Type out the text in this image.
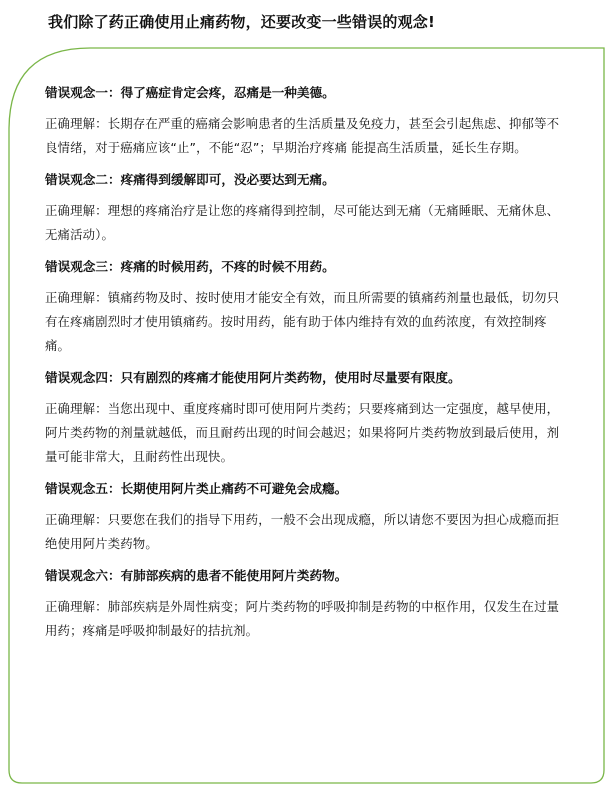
我们除了药正确使用止痛药物，还要改变一些错误的观念!
错误观念一：得了癌症肯定会疼，忍痛是一种美德。
正确理解：长期存在严重的癌痛会影响患者的生活质量及免疫力，甚至会引起焦虑、抑郁等不良情绪，对于癌痛应该“止”，不能“忍”；早期治疗疼痛 能提高生活质量，延长生存期。
错误观念二：疼痛得到缓解即可，没必要达到无痛。
正确理解：理想的疼痛治疗是让您的疼痛得到控制，尽可能达到无痛（无痛睡眠、无痛休息、无痛活动）。
错误观念三：疼痛的时候用药，不疼的时候不用药。
正确理解：镇痛药物及时、按时使用才能安全有效，而且所需要的镇痛药剂量也最低，切勿只有在疼痛剧烈时才使用镇痛药。按时用药，能有助于体内维持有效的血药浓度，有效控制疼痛。
错误观念四：只有剧烈的疼痛才能使用阿片类药物，使用时尽量要有限度。
正确理解：当您出现中、重度疼痛时即可使用阿片类药；只要疼痛到达一定强度，越早使用，阿片类药物的剂量就越低，而且耐药出现的时间会越迟；如果将阿片类药物放到最后使用，剂量可能非常大，且耐药性出现快。
错误观念五：长期使用阿片类止痛药不可避免会成瘾。
正确理解：只要您在我们的指导下用药，一般不会出现成瘾，所以请您不要因为担心成瘾而拒绝使用阿片类药物。
错误观念六：有肺部疾病的患者不能使用阿片类药物。
正确理解：肺部疾病是外周性病变；阿片类药物的呼吸抑制是药物的中枢作用，仅发生在过量用药；疼痛是呼吸抑制最好的拮抗剂。
